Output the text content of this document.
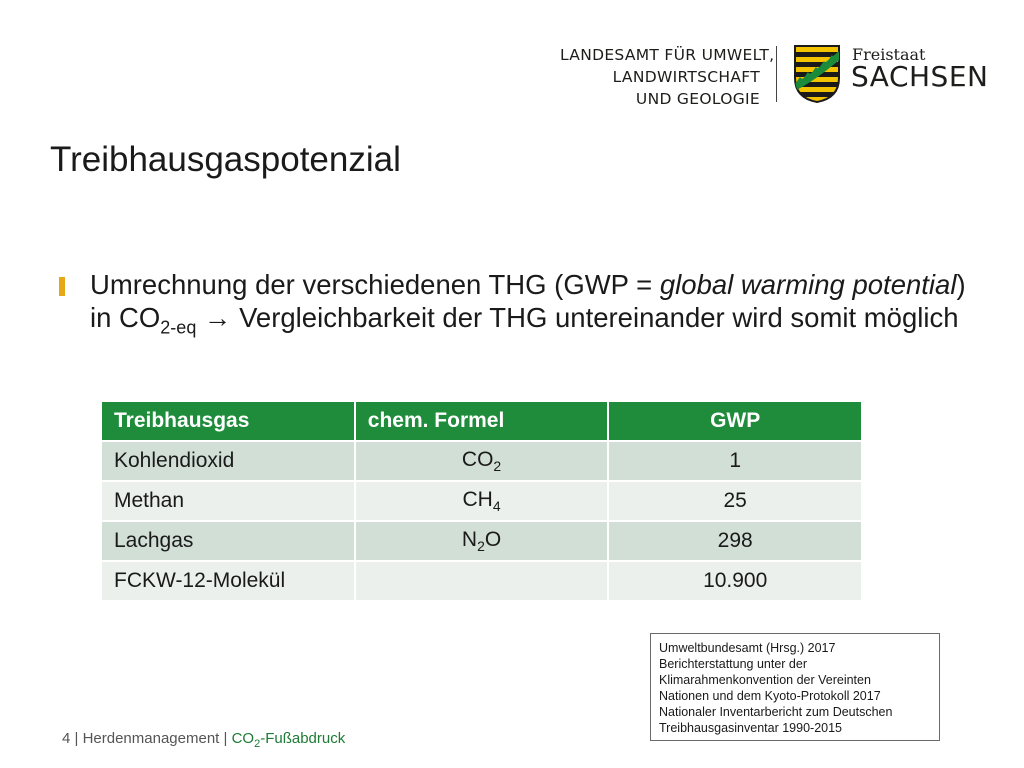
LANDESAMT FÜR UMWELT,
LANDWIRTSCHAFT
UND GEOLOGIE
Freistaat
SACHSEN
Treibhausgaspotenzial
Umrechnung der verschiedenen THG (GWP = global warming potential) in $CO_{2-eq}$ → Vergleichbarkeit der THG untereinander wird somit möglich
Treibhausgas	chem. Formel	GWP
Kohlendioxid	$CO_2$	1
Methan	$CH_4$	25
Lachgas	$N_2O$	298
FCKW-12-Molekül		10.900
Umweltbundesamt (Hrsg.) 2017
Berichterstattung unter der
Klimarahmenkonvention der Vereinten
Nationen und dem Kyoto-Protokoll 2017
Nationaler Inventarbericht zum Deutschen
Treibhausgasinventar 1990-2015
4 | Herdenmanagement | $CO_2$-Fußabdruck
